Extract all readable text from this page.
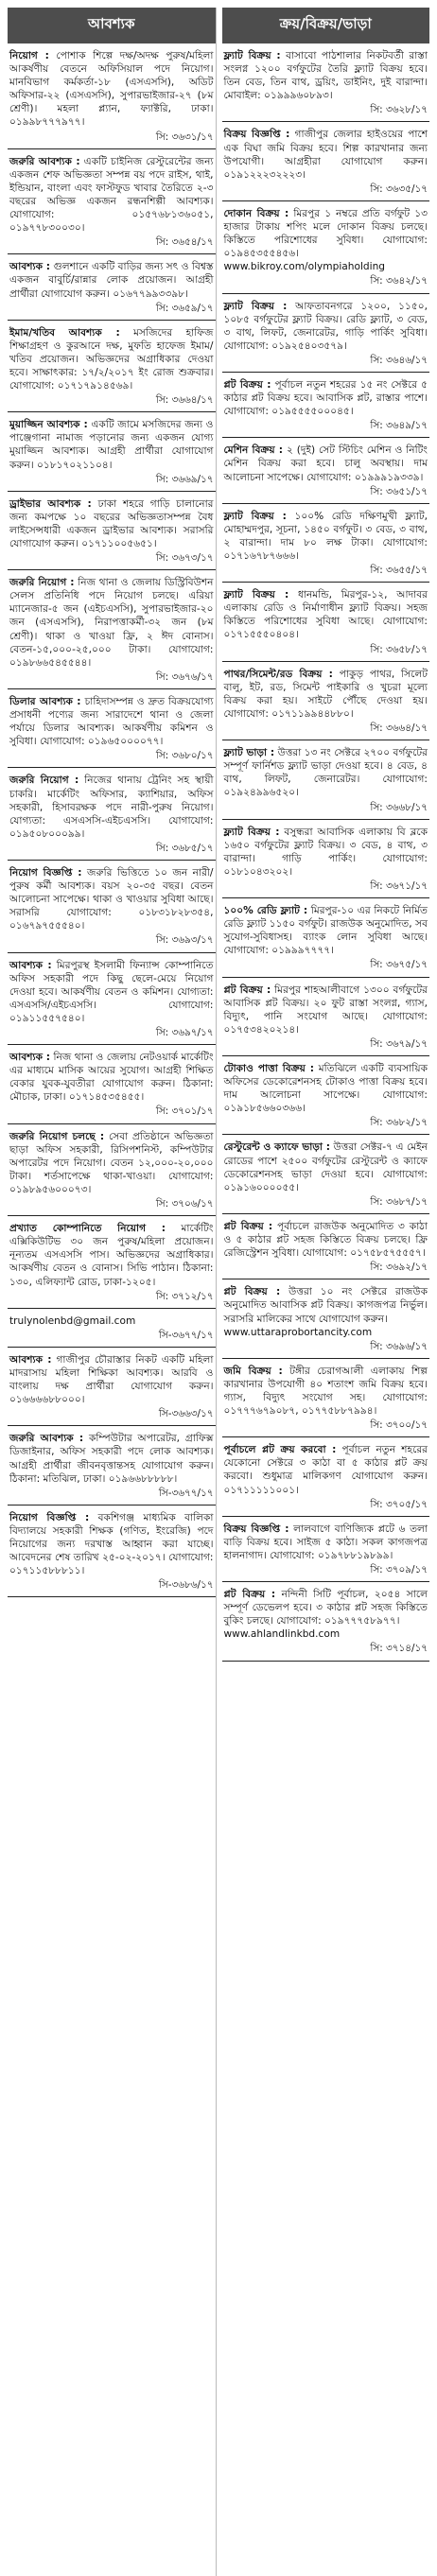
আবশ্যক
নিয়োগ : পোশাক শিল্পে দক্ষ/অদক্ষ পুরুষ/মহিলা আকর্ষণীয় বেতনে অফিসিয়াল পদে নিয়োগ। মানবিভাগ কর্মকর্তা-১৮ (এসএসসি), অডিট অফিসার-২২ (এসএসসি), সুপারভাইজার-২৭ (৮ম শ্রেণী)। মহলা প্ল্যান, ফ্যাক্টরি, ঢাকা। ০১৯৯৮৭৭৭৯৭৭।
সি: ৩৬৩১/১৭
জরুরি আবশ্যক : একটি চাইনিজ রেস্টুরেন্টের জন্য একজন শেফ অভিজ্ঞতা সম্পন্ন বয় পদে রাইস, থাই, ইন্ডিয়ান, বাংলা এবং ফাস্টফুড খাবার তৈরিতে ২-৩ বছরের অভিজ্ঞ একজন রন্ধনশিল্পী আবশ্যক। যোগাযোগ: ০১৫৭৬৮১৩৬০৫১, ০১৯৭৭৮৩০০৩০।
সি: ৩৬৫৪/১৭
আবশ্যক : গুলশানে একটি বাড়ির জন্য সৎ ও বিশ্বস্ত একজন বাবুর্চি/রান্নার লোক প্রয়োজন। আগ্রহী প্রার্থীরা যোগাযোগ করুন। ০১৬৭৭৯৯৩৩৯৮।
সি: ৩৬৫৯/১৭
ইমাম/খতিব আবশ্যক : মসজিদের হাফিজ শিক্ষাগ্রহণ ও কুরআনে দক্ষ, মুফতি হাফেজ ইমাম/খতিব প্রয়োজন। অভিজ্ঞদের অগ্রাধিকার দেওয়া হবে। সাক্ষাৎকার: ১৭/২/২০১৭ ইং রোজ শুক্রবার। যোগাযোগ: ০১৭১৭৯১৪৫৬৯।
সি: ৩৬৬৪/১৭
মুয়াজ্জিন আবশ্যক : একটি জামে মসজিদের জন্য ও পাঞ্জেগানা নামাজ পড়ানোর জন্য একজন যোগ্য মুয়াজ্জিন আবশ্যক। আগ্রহী প্রার্থীরা যোগাযোগ করুন। ০১৮১৭০২১১০৪।
সি: ৩৬৬৯/১৭
ড্রাইভার আবশ্যক : ঢাকা শহরে গাড়ি চালানোর জন্য কমপক্ষে ১০ বছরের অভিজ্ঞতাসম্পন্ন বৈধ লাইসেন্সধারী একজন ড্রাইভার আবশ্যক। সরাসরি যোগাযোগ করুন। ০১৭১১০০৫৬৫১।
সি: ৩৬৭৩/১৭
জরুরি নিয়োগ : নিজ থানা ও জেলায় ডিস্ট্রিবিউশন সেলস প্রতিনিধি পদে নিয়োগ চলছে। এরিয়া ম্যানেজার-৫ জন (এইচএসসি), সুপারভাইজার-২০ জন (এসএসসি), নিরাপত্তাকর্মী-৩২ জন (৮ম শ্রেণী)। থাকা ও খাওয়া ফ্রি, ২ ঈদ বোনাস। বেতন-১৫,০০০-২৫,০০০ টাকা। যোগাযোগ: ০১৯৮৬৬৫৪৫৫৪৪।
সি: ৩৬৭৬/১৭
ডিলার আবশ্যক : চাহিদাসম্পন্ন ও দ্রুত বিক্রয়যোগ্য প্রসাধনী পণ্যের জন্য সারাদেশে থানা ও জেলা পর্যায়ে ডিলার আবশ্যক। আকর্ষণীয় কমিশন ও সুবিধা। যোগাযোগ: ০১৯৬৫০০০০৭৭।
সি: ৩৬৮০/১৭
জরুরি নিয়োগ : নিজের থানায় ট্রেনিং সহ স্থায়ী চাকরি। মার্কেটিং অফিসার, ক্যাশিয়ার, অফিস সহকারী, হিসাবরক্ষক পদে নারী-পুরুষ নিয়োগ। যোগ্যতা: এসএসসি-এইচএসসি। যোগাযোগ: ০১৯৫০৮০০০৯৯।
সি: ৩৬৮৫/১৭
নিয়োগ বিজ্ঞপ্তি : জরুরি ভিত্তিতে ১০ জন নারী/পুরুষ কর্মী আবশ্যক। বয়স ২০-৩৫ বছর। বেতন আলোচনা সাপেক্ষে। থাকা ও খাওয়ার সুবিধা আছে। সরাসরি যোগাযোগ: ০১৮৩১৮২৮৩৫৪, ০১৬৭৯৭৫৫৫৪০।
সি: ৩৬৯৩/১৭
আবশ্যক : মিরপুরস্থ ইসলামী ফিন্যান্স কোম্পানিতে অফিস সহকারী পদে কিছু ছেলে-মেয়ে নিয়োগ দেওয়া হবে। আকর্ষণীয় বেতন ও কমিশন। যোগ্যতা: এসএসসি/এইচএসসি। যোগাযোগ: ০১৯১১৫৫৭৫৪০।
সি: ৩৬৯৭/১৭
আবশ্যক : নিজ থানা ও জেলায় নেটওয়ার্ক মার্কেটিং এর মাধ্যমে মাসিক আয়ের সুযোগ। আগ্রহী শিক্ষিত বেকার যুবক-যুবতীরা যোগাযোগ করুন। ঠিকানা: মৌচাক, ঢাকা। ০১৭১৪৫৩৫৪৫৫।
সি: ৩৭০১/১৭
জরুরি নিয়োগ চলছে : সেবা প্রতিষ্ঠানে অভিজ্ঞতা ছাড়া অফিস সহকারী, রিসিপশনিস্ট, কম্পিউটার অপারেটর পদে নিয়োগ। বেতন ১২,০০০-২০,০০০ টাকা। শর্তসাপেক্ষে থাকা-খাওয়া। যোগাযোগ: ০১৯৮৯৫৬০০০৭৩।
সি: ৩৭০৬/১৭
প্রখ্যাত কোম্পানিতে নিয়োগ : মার্কেটিং এক্সিকিউটিভ ৩০ জন পুরুষ/মহিলা প্রয়োজন। নূন্যতম এসএসসি পাস। অভিজ্ঞদের অগ্রাধিকার। আকর্ষণীয় বেতন ও বোনাস। সিভি পাঠান। ঠিকানা: ১৩০, এলিফ্যান্ট রোড, ঢাকা-১২০৫।
সি: ৩৭১২/১৭
trulynolenbd@gmail.com
সি-৩৬৭৭/১৭
আবশ্যক : গাজীপুর চৌরাস্তার নিকট একটি মহিলা মাদরাসায় মহিলা শিক্ষিকা আবশ্যক। আরবি ও বাংলায় দক্ষ প্রার্থীরা যোগাযোগ করুন। ০১৬৬৬৬৮৮০০০।
সি-৩৬৬৩/১৭
জরুরি আবশ্যক : কম্পিউটার অপারেটর, গ্রাফিক্স ডিজাইনার, অফিস সহকারী পদে লোক আবশ্যক। আগ্রহী প্রার্থীরা জীবনবৃত্তান্তসহ যোগাযোগ করুন। ঠিকানা: মতিঝিল, ঢাকা। ০১৯৬৬৮৮৮৮৮।
সি-৩৬৭৭/১৭
নিয়োগ বিজ্ঞপ্তি : বকশিগঞ্জ মাধ্যমিক বালিকা বিদ্যালয়ে সহকারী শিক্ষক (গণিত, ইংরেজি) পদে নিয়োগের জন্য দরখাস্ত আহ্বান করা যাচ্ছে। আবেদনের শেষ তারিখ ২৫-০২-২০১৭। যোগাযোগ: ০১৭১১৫৮৮৮১১।
সি-৩৬৮৬/১৭
ক্রয়/বিক্রয়/ভাড়া
ফ্ল্যাট বিক্রয় : বাসাবো পাঠশালার নিকটবর্তী রাস্তা সংলগ্ন ১২০০ বর্গফুটের তৈরি ফ্ল্যাট বিক্রয় হবে। তিন বেড, তিন বাথ, ড্রয়িং, ডাইনিং, দুই বারান্দা। মোবাইল: ০১৯৯৯৬০৮৯৩।
সি: ৩৬২৮/১৭
বিক্রয় বিজ্ঞপ্তি : গাজীপুর জেলার হাইওয়ের পাশে এক বিঘা জমি বিক্রয় হবে। শিল্প কারখানার জন্য উপযোগী। আগ্রহীরা যোগাযোগ করুন। ০১৯১২২২৩২২২৩।
সি: ৩৬৩৫/১৭
দোকান বিক্রয় : মিরপুর ১ নম্বরে প্রতি বর্গফুট ১৩ হাজার টাকায় শপিং মলে দোকান বিক্রয় চলছে। কিস্তিতে পরিশোধের সুবিধা। যোগাযোগ: ০১৯৪৫৩৫৫৪৫৬।
www.bikroy.com/olympiaholding
সি: ৩৬৪২/১৭
ফ্ল্যাট বিক্রয় : আফতাবনগরে ১২০০, ১১৫০, ১০৮৫ বর্গফুটের ফ্ল্যাট বিক্রয়। রেডি ফ্ল্যাট, ৩ বেড, ৩ বাথ, লিফট, জেনারেটর, গাড়ি পার্কিং সুবিধা। যোগাযোগ: ০১৯২৫৪০৩৫৭৯।
সি: ৩৬৪৬/১৭
প্লট বিক্রয় : পূর্বাচল নতুন শহরের ১৫ নং সেক্টরে ৫ কাঠার প্লট বিক্রয় হবে। আবাসিক প্লট, রাস্তার পাশে। যোগাযোগ: ০১৯৫৫৫৫০০০৪৫।
সি: ৩৬৪৯/১৭
মেশিন বিক্রয় : ২ (দুই) সেট স্টিচিং মেশিন ও নিটিং মেশিন বিক্রয় করা হবে। চালু অবস্থায়। দাম আলোচনা সাপেক্ষে। যোগাযোগ: ০১৯৯৯১৯৩৩৯।
সি: ৩৬৫১/১৭
ফ্ল্যাট বিক্রয় : ১০০% রেডি দক্ষিণমুখী ফ্ল্যাট, মোহাম্মদপুর, সূচনা, ১৪৫০ বর্গফুট। ৩ বেড, ৩ বাথ, ২ বারান্দা। দাম ৮০ লক্ষ টাকা। যোগাযোগ: ০১৭১৬৭৮৭৬৬৬।
সি: ৩৬৫৫/১৭
ফ্ল্যাট বিক্রয় : ধানমন্ডি, মিরপুর-১২, আদাবর এলাকায় রেডি ও নির্মাণাধীন ফ্ল্যাট বিক্রয়। সহজ কিস্তিতে পরিশোধের সুবিধা আছে। যোগাযোগ: ০১৭১৫৫৫০৪০৪।
সি: ৩৬৫৮/১৭
পাথর/সিমেন্ট/রড বিক্রয় : পাকুড় পাথর, সিলেট বালু, ইট, রড, সিমেন্ট পাইকারি ও খুচরা মূল্যে বিক্রয় করা হয়। সাইটে পৌঁছে দেওয়া হয়। যোগাযোগ: ০১৭১১৯৯৪৪৮৮০।
সি: ৩৬৬৪/১৭
ফ্ল্যাট ভাড়া : উত্তরা ১৩ নং সেক্টরে ২৭০০ বর্গফুটের সম্পূর্ণ ফার্নিশড ফ্ল্যাট ভাড়া দেওয়া হবে। ৪ বেড, ৪ বাথ, লিফট, জেনারেটর। যোগাযোগ: ০১৯২৪৯৯৬৫২০।
সি: ৩৬৬৮/১৭
ফ্ল্যাট বিক্রয় : বসুন্ধরা আবাসিক এলাকায় বি ব্লকে ১৬৫০ বর্গফুটের ফ্ল্যাট বিক্রয়। ৩ বেড, ৪ বাথ, ৩ বারান্দা। গাড়ি পার্কিং। যোগাযোগ: ০১৮১০৪৩২০২।
সি: ৩৬৭১/১৭
১০০% রেডি ফ্ল্যাট : মিরপুর-১০ এর নিকটে নির্মিত রেডি ফ্ল্যাট ১১৫০ বর্গফুট। রাজউক অনুমোদিত, সব সুযোগ-সুবিধাসহ। ব্যাংক লোন সুবিধা আছে। যোগাযোগ: ০১৯৯৯৭৭৭৭।
সি: ৩৬৭৫/১৭
প্লট বিক্রয় : মিরপুর শাহআলীবাগে ১৩০০ বর্গফুটের আবাসিক প্লট বিক্রয়। ২০ ফুট রাস্তা সংলগ্ন, গ্যাস, বিদ্যুৎ, পানি সংযোগ আছে। যোগাযোগ: ০১৭৫৩৪২০২১৪।
সি: ৩৬৭৯/১৭
টোকাও পাত্তা বিক্রয় : মতিঝিলে একটি ব্যবসায়িক অফিসের ডেকোরেশনসহ টোকাও পাত্তা বিক্রয় হবে। দাম আলোচনা সাপেক্ষে। যোগাযোগ: ০১৯১৮৫৬৬০৩৬৬।
সি: ৩৬৮২/১৭
রেস্টুরেন্ট ও ক্যাফে ভাড়া : উত্তরা সেক্টর-৭ এ মেইন রোডের পাশে ২৫০০ বর্গফুটের রেস্টুরেন্ট ও ক্যাফে ডেকোরেশনসহ ভাড়া দেওয়া হবে। যোগাযোগ: ০১৯১৬০০০০৫৫।
সি: ৩৬৮৭/১৭
প্লট বিক্রয় : পূর্বাচলে রাজউক অনুমোদিত ৩ কাঠা ও ৫ কাঠার প্লট সহজ কিস্তিতে বিক্রয় চলছে। ফ্রি রেজিস্ট্রেশন সুবিধা। যোগাযোগ: ০১৭৫৮৫৭৫৫৫৭।
সি: ৩৬৯২/১৭
প্লট বিক্রয় : উত্তরা ১০ নং সেক্টরে রাজউক অনুমোদিত আবাসিক প্লট বিক্রয়। কাগজপত্র নির্ভুল। সরাসরি মালিকের সাথে যোগাযোগ করুন।
www.uttaraprobortancity.com
সি: ৩৬৯৬/১৭
জমি বিক্রয় : টঙ্গীর চেরাগআলী এলাকায় শিল্প কারখানার উপযোগী ৪০ শতাংশ জমি বিক্রয় হবে। গ্যাস, বিদ্যুৎ সংযোগ সহ। যোগাযোগ: ০১৭৭৭৬৭৯০৮৭, ০১৭৭৫৮৮৭৯৯৪।
সি: ৩৭০০/১৭
পূর্বাচলে প্লট ক্রয় করবো : পূর্বাচল নতুন শহরের যেকোনো সেক্টরে ৩ কাঠা বা ৫ কাঠার প্লট ক্রয় করবো। শুধুমাত্র মালিকগণ যোগাযোগ করুন। ০১৭১১১১১০০১।
সি: ৩৭০৫/১৭
বিক্রয় বিজ্ঞপ্তি : লালবাগে বাণিজ্যিক প্লটে ৬ তলা বাড়ি বিক্রয় হবে। সাইজ ৫ কাঠা। সকল কাগজপত্র হালনাগাদ। যোগাযোগ: ০১৯৭৮৮১৯৮৯৯।
সি: ৩৭০৯/১৭
প্লট বিক্রয় : নন্দিনী সিটি পূর্বাচল, ২০৫৪ সালে সম্পূর্ণ ডেভেলপ হবে। ৩ কাঠার প্লট সহজ কিস্তিতে বুকিং চলছে। যোগাযোগ: ০১৯৭৭৭৫৮৯৭৭।
www.ahlandlinkbd.com
সি: ৩৭১৪/১৭
